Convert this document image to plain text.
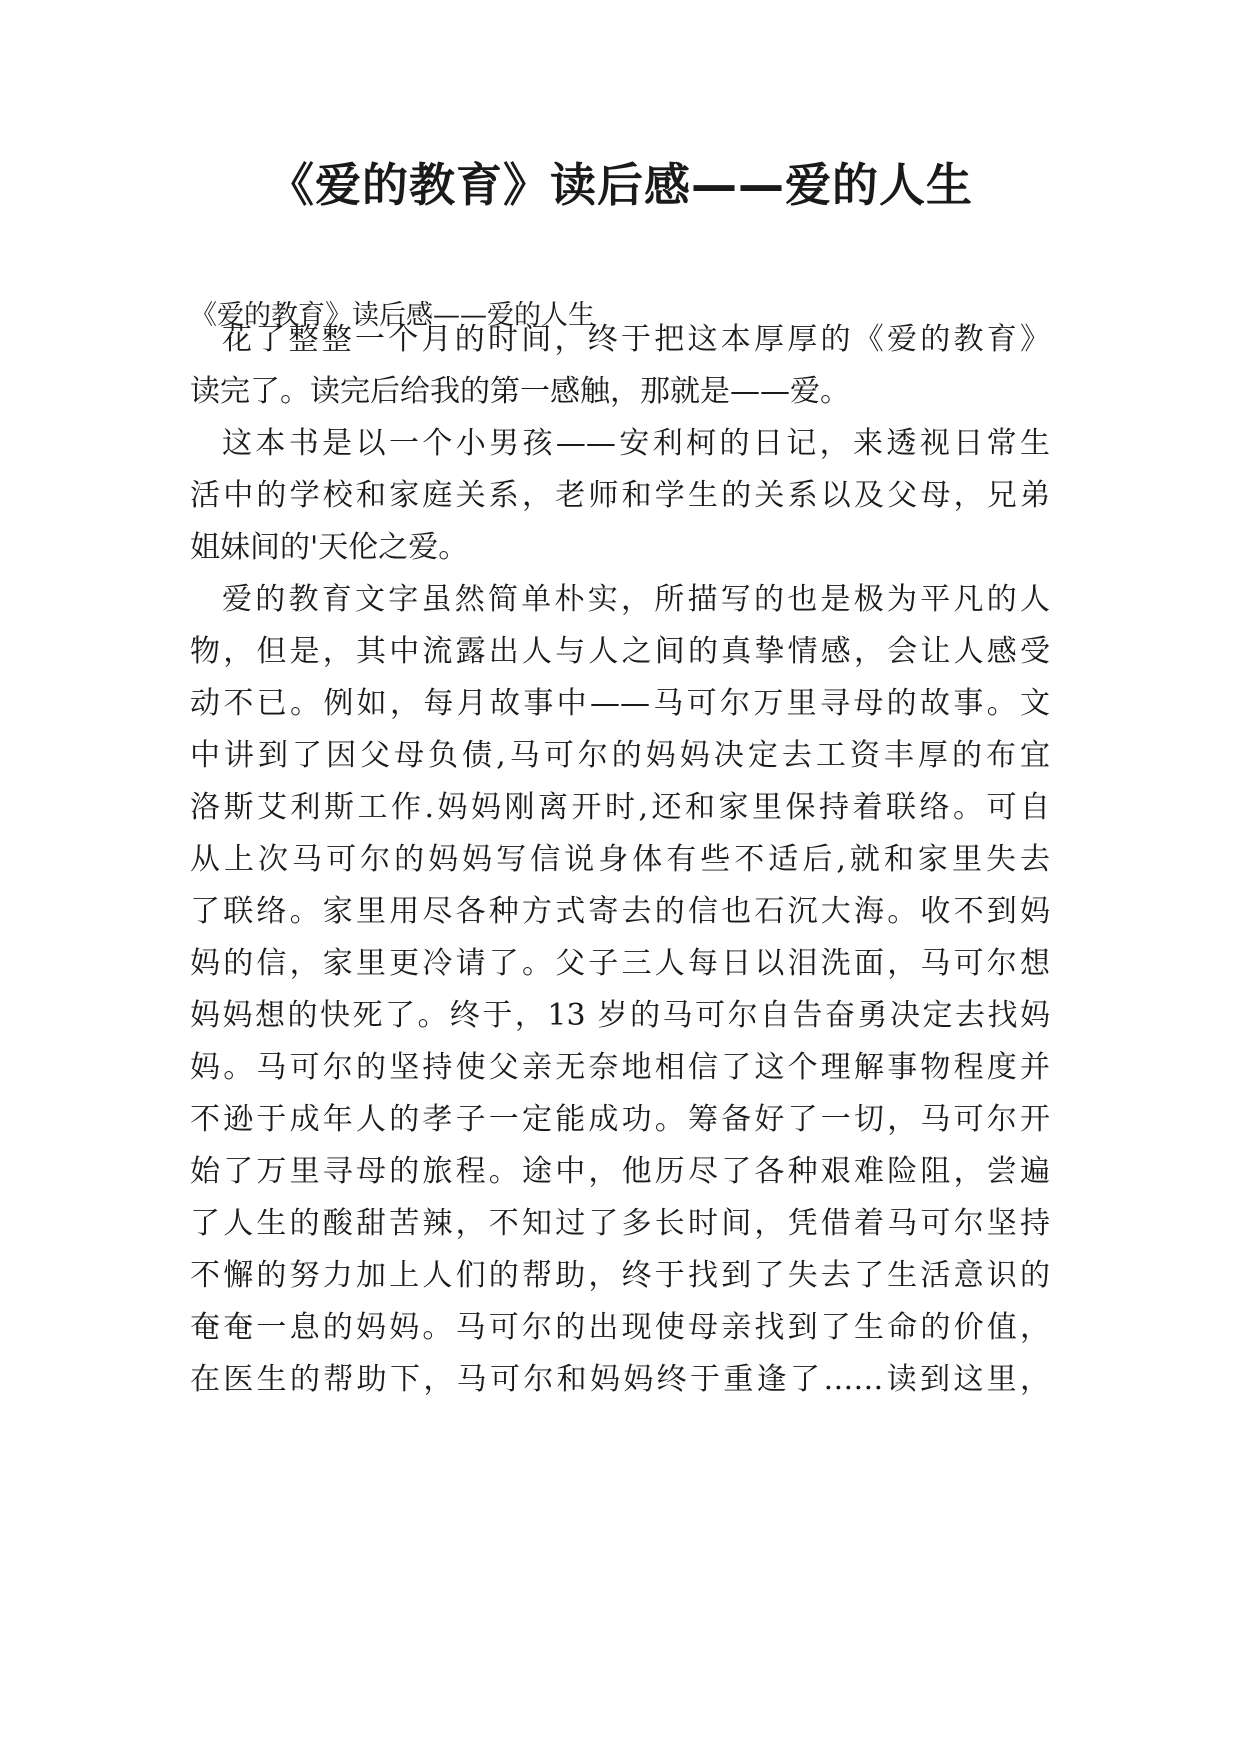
《爱的教育》读后感——爱的人生

《爱的教育》读后感——爱的人生

花了整整一个月的时间，终于把这本厚厚的《爱的教育》

读完了。读完后给我的第一感触，那就是——爱。

这本书是以一个小男孩——安利柯的日记，来透视日常生

活中的学校和家庭关系，老师和学生的关系以及父母，兄弟

姐妹间的'天伦之爱。

爱的教育文字虽然简单朴实，所描写的也是极为平凡的人

物，但是，其中流露出人与人之间的真挚情感，会让人感受

动不已。例如，每月故事中——马可尔万里寻母的故事。文

中讲到了因父母负债,马可尔的妈妈决定去工资丰厚的布宜

洛斯艾利斯工作.妈妈刚离开时,还和家里保持着联络。可自

从上次马可尔的妈妈写信说身体有些不适后,就和家里失去

了联络。家里用尽各种方式寄去的信也石沉大海。收不到妈

妈的信，家里更冷请了。父子三人每日以泪洗面，马可尔想

妈妈想的快死了。终于，13 岁的马可尔自告奋勇决定去找妈

妈。马可尔的坚持使父亲无奈地相信了这个理解事物程度并

不逊于成年人的孝子一定能成功。筹备好了一切，马可尔开

始了万里寻母的旅程。途中，他历尽了各种艰难险阻，尝遍

了人生的酸甜苦辣，不知过了多长时间，凭借着马可尔坚持

不懈的努力加上人们的帮助，终于找到了失去了生活意识的

奄奄一息的妈妈。马可尔的出现使母亲找到了生命的价值，

在医生的帮助下，马可尔和妈妈终于重逢了……读到这里，
